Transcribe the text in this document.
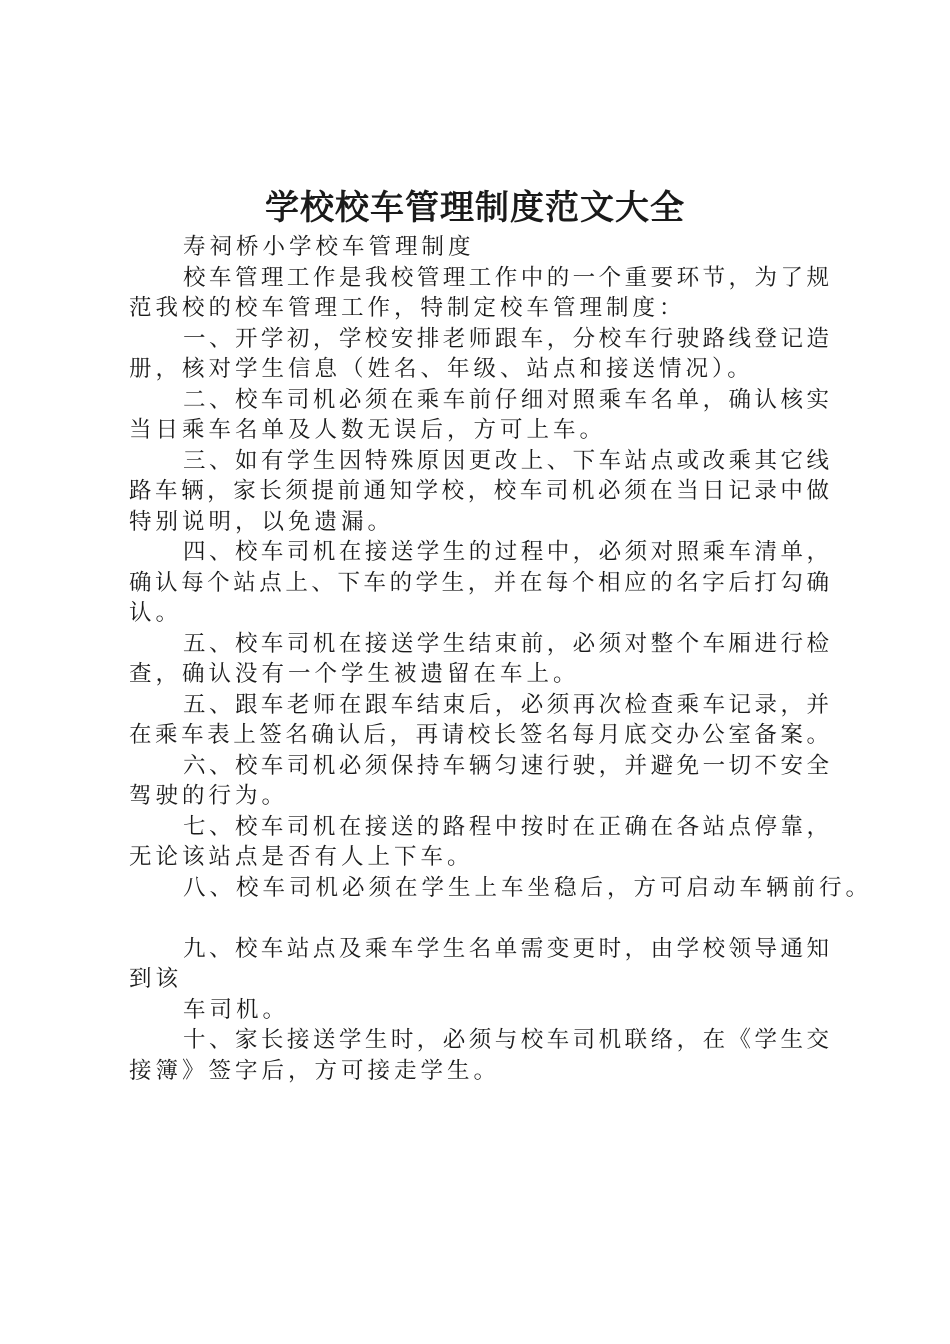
学校校车管理制度范文大全
寿祠桥小学校车管理制度
校车管理工作是我校管理工作中的一个重要环节，为了规
范我校的校车管理工作，特制定校车管理制度：
一、开学初，学校安排老师跟车，分校车行驶路线登记造
册，核对学生信息（姓名、年级、站点和接送情况）。
二、校车司机必须在乘车前仔细对照乘车名单，确认核实
当日乘车名单及人数无误后，方可上车。
三、如有学生因特殊原因更改上、下车站点或改乘其它线
路车辆，家长须提前通知学校，校车司机必须在当日记录中做
特别说明，以免遗漏。
四、校车司机在接送学生的过程中，必须对照乘车清单，
确认每个站点上、下车的学生，并在每个相应的名字后打勾确
认。
五、校车司机在接送学生结束前，必须对整个车厢进行检
查，确认没有一个学生被遗留在车上。
五、跟车老师在跟车结束后，必须再次检查乘车记录，并
在乘车表上签名确认后，再请校长签名每月底交办公室备案。
六、校车司机必须保持车辆匀速行驶，并避免一切不安全
驾驶的行为。
七、校车司机在接送的路程中按时在正确在各站点停靠，
无论该站点是否有人上下车。
八、校车司机必须在学生上车坐稳后，方可启动车辆前行。
九、校车站点及乘车学生名单需变更时，由学校领导通知
到该
车司机。
十、家长接送学生时，必须与校车司机联络，在《学生交
接簿》签字后，方可接走学生。
